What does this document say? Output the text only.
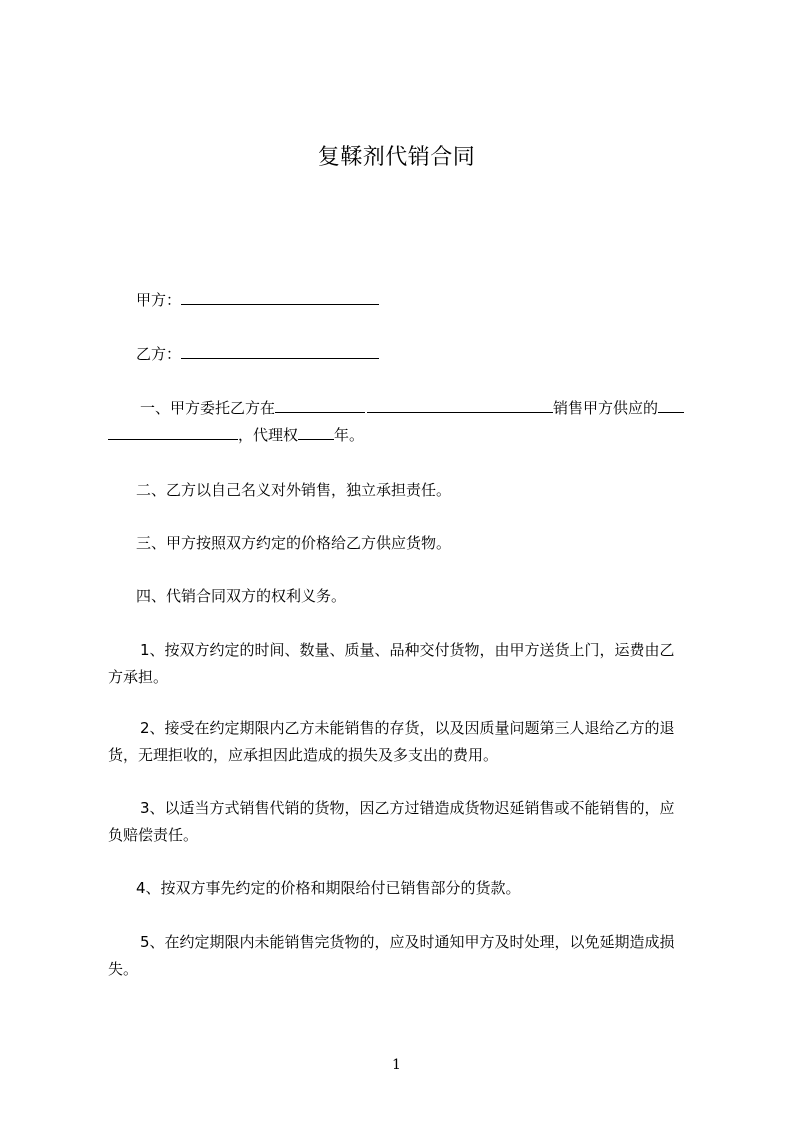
复鞣剂代销合同
甲方：
乙方：
一、甲方委托乙方在	销售甲方供应的
，代理权 年。
二、乙方以自己名义对外销售，独立承担责任。
三、甲方按照双方约定的价格给乙方供应货物。
四、代销合同双方的权利义务。
1、按双方约定的时间、数量、质量、品种交付货物，由甲方送货上门，运费由乙
方承担。
2、接受在约定期限内乙方未能销售的存货，以及因质量问题第三人退给乙方的退
货，无理拒收的，应承担因此造成的损失及多支出的费用。
3、以适当方式销售代销的货物，因乙方过错造成货物迟延销售或不能销售的，应
负赔偿责任。
4、按双方事先约定的价格和期限给付已销售部分的货款。
5、在约定期限内未能销售完货物的，应及时通知甲方及时处理，以免延期造成损
失。
1
